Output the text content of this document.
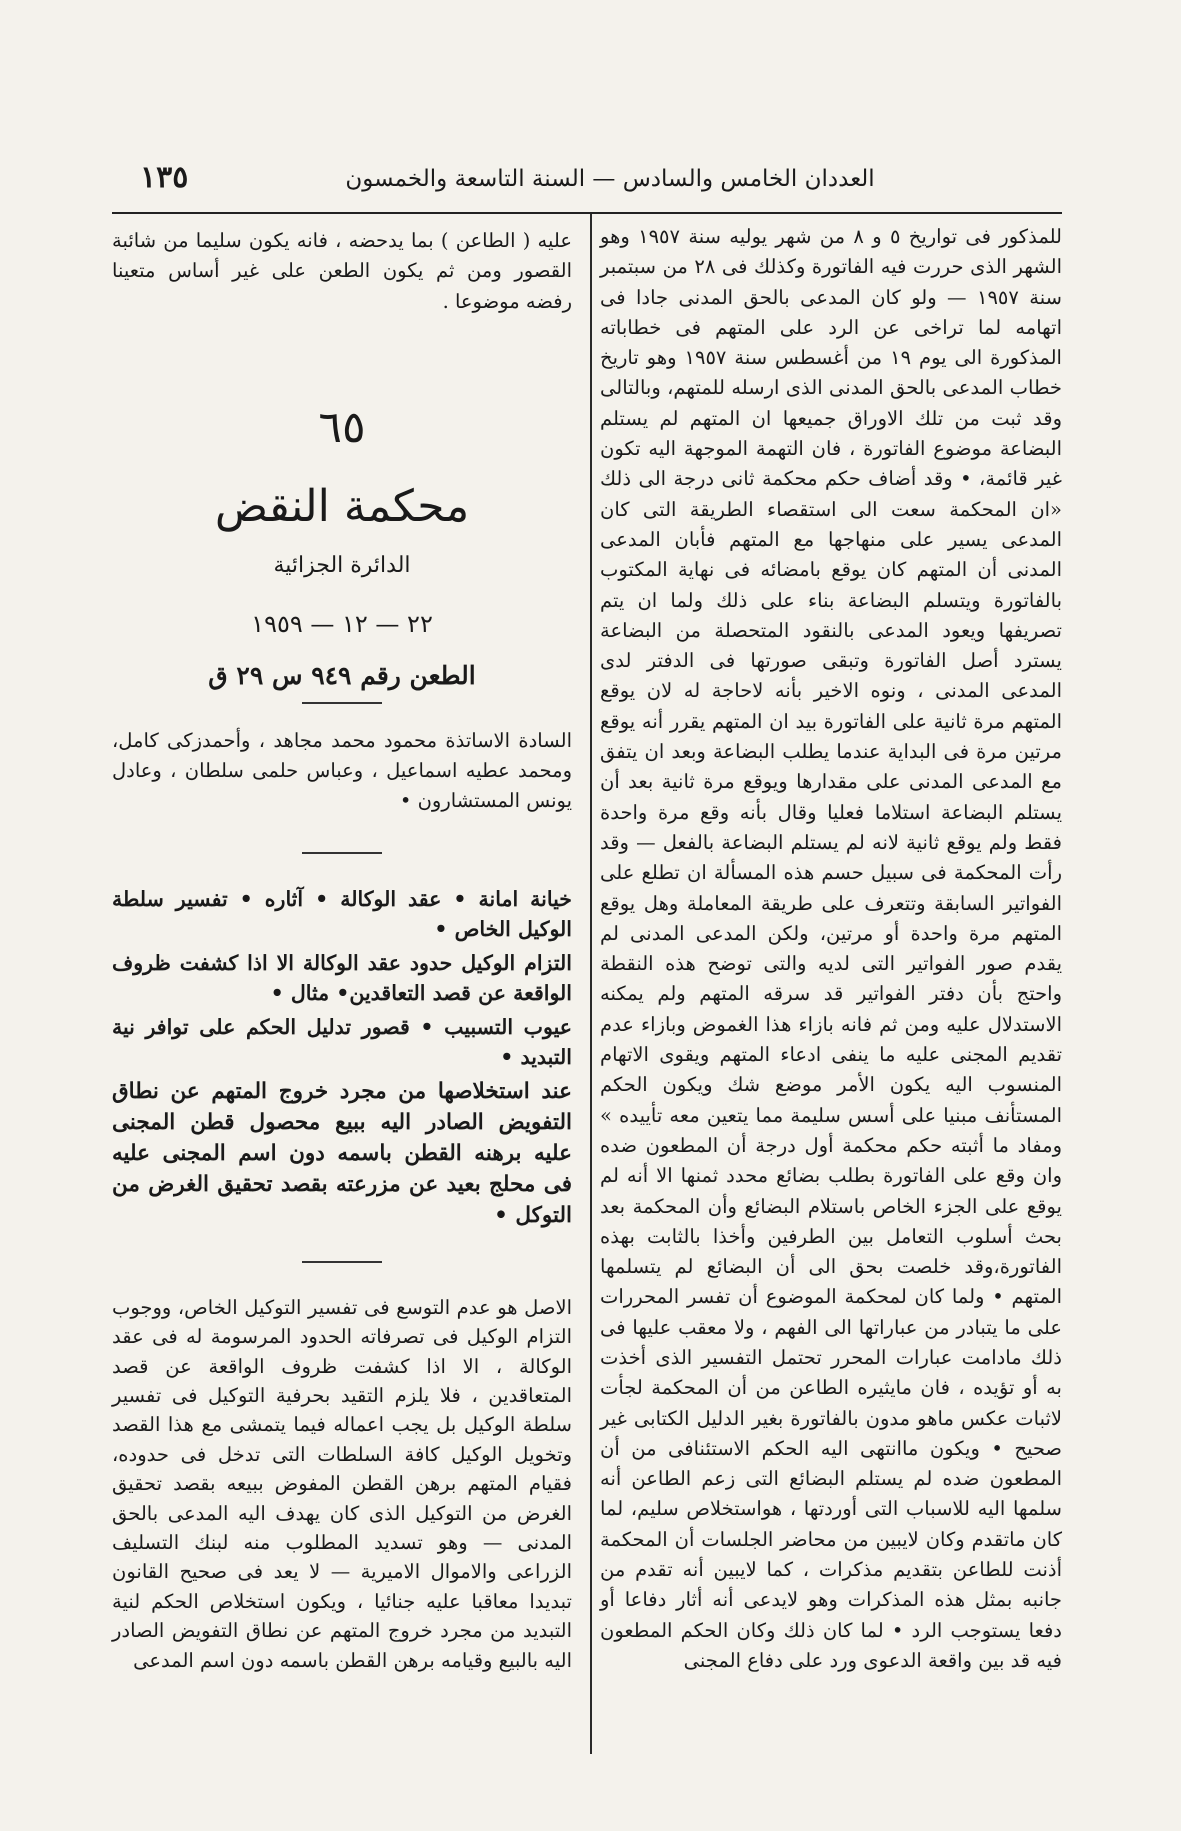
العددان الخامس والسادس — السنة التاسعة والخمسون
١٣٥

للمذكور فى تواريخ ٥ و ٨ من شهر يوليه سنة ١٩٥٧ وهو الشهر الذى حررت فيه الفاتورة وكذلك فى ٢٨ من سبتمبر سنة ١٩٥٧ — ولو كان المدعى بالحق المدنى جادا فى اتهامه لما تراخى عن الرد على المتهم فى خطاباته المذكورة الى يوم ١٩ من أغسطس سنة ١٩٥٧ وهو تاريخ خطاب المدعى بالحق المدنى الذى ارسله للمتهم، وبالتالى وقد ثبت من تلك الاوراق جميعها ان المتهم لم يستلم البضاعة موضوع الفاتورة ، فان التهمة الموجهة اليه تكون غير قائمة، • وقد أضاف حكم محكمة ثانى درجة الى ذلك «ان المحكمة سعت الى استقصاء الطريقة التى كان المدعى يسير على منهاجها مع المتهم فأبان المدعى المدنى أن المتهم كان يوقع بامضائه فى نهاية المكتوب بالفاتورة ويتسلم البضاعة بناء على ذلك ولما ان يتم تصريفها ويعود المدعى بالنقود المتحصلة من البضاعة يسترد أصل الفاتورة وتبقى صورتها فى الدفتر لدى المدعى المدنى ، ونوه الاخير بأنه لاحاجة له لان يوقع المتهم مرة ثانية على الفاتورة بيد ان المتهم يقرر أنه يوقع مرتين مرة فى البداية عندما يطلب البضاعة وبعد ان يتفق مع المدعى المدنى على مقدارها ويوقع مرة ثانية بعد أن يستلم البضاعة استلاما فعليا وقال بأنه وقع مرة واحدة فقط ولم يوقع ثانية لانه لم يستلم البضاعة بالفعل — وقد رأت المحكمة فى سبيل حسم هذه المسألة ان تطلع على الفواتير السابقة وتتعرف على طريقة المعاملة وهل يوقع المتهم مرة واحدة أو مرتين، ولكن المدعى المدنى لم يقدم صور الفواتير التى لديه والتى توضح هذه النقطة واحتج بأن دفتر الفواتير قد سرقه المتهم ولم يمكنه الاستدلال عليه ومن ثم فانه بازاء هذا الغموض وبازاء عدم تقديم المجنى عليه ما ينفى ادعاء المتهم ويقوى الاتهام المنسوب اليه يكون الأمر موضع شك ويكون الحكم المستأنف مبنيا على أسس سليمة مما يتعين معه تأييده » ومفاد ما أثبته حكم محكمة أول درجة أن المطعون ضده وان وقع على الفاتورة بطلب بضائع محدد ثمنها الا أنه لم يوقع على الجزء الخاص باستلام البضائع وأن المحكمة بعد بحث أسلوب التعامل بين الطرفين وأخذا بالثابت بهذه الفاتورة،وقد خلصت بحق الى أن البضائع لم يتسلمها المتهم • ولما كان لمحكمة الموضوع أن تفسر المحررات على ما يتبادر من عباراتها الى الفهم ، ولا معقب عليها فى ذلك مادامت عبارات المحرر تحتمل التفسير الذى أخذت به أو تؤيده ، فان مايثيره الطاعن من أن المحكمة لجأت لاثبات عكس ماهو مدون بالفاتورة بغير الدليل الكتابى غير صحيح • ويكون ماانتهى اليه الحكم الاستئنافى من أن المطعون ضده لم يستلم البضائع التى زعم الطاعن أنه سلمها اليه للاسباب التى أوردتها ، هواستخلاص سليم، لما كان ماتقدم وكان لايبين من محاضر الجلسات أن المحكمة أذنت للطاعن بتقديم مذكرات ، كما لايبين أنه تقدم من جانبه بمثل هذه المذكرات وهو لايدعى أنه أثار دفاعا أو دفعا يستوجب الرد • لما كان ذلك وكان الحكم المطعون فيه قد بين واقعة الدعوى ورد على دفاع المجنى

عليه ( الطاعن ) بما يدحضه ، فانه يكون سليما من شائبة القصور ومن ثم يكون الطعن على غير أساس متعينا رفضه موضوعا .

٦٥
محكمة النقض
الدائرة الجزائية
٢٢ — ١٢ — ١٩٥٩
الطعن رقم ٩٤٩ س ٢٩ ق

السادة الاساتذة محمود محمد مجاهد ، وأحمدزكى كامل، ومحمد عطيه اسماعيل ، وعباس حلمى سلطان ، وعادل يونس المستشارون •

خيانة امانة • عقد الوكالة • آثاره • تفسير سلطة الوكيل الخاص •

التزام الوكيل حدود عقد الوكالة الا اذا كشفت ظروف الواقعة عن قصد التعاقدين• مثال •

عيوب التسبيب • قصور تدليل الحكم على توافر نية التبديد •

عند استخلاصها من مجرد خروج المتهم عن نطاق التفويض الصادر اليه ببيع محصول قطن المجنى عليه برهنه القطن باسمه دون اسم المجنى عليه فى محلج بعيد عن مزرعته بقصد تحقيق الغرض من التوكل •

الاصل هو عدم التوسع فى تفسير التوكيل الخاص، ووجوب التزام الوكيل فى تصرفاته الحدود المرسومة له فى عقد الوكالة ، الا اذا كشفت ظروف الواقعة عن قصد المتعاقدين ، فلا يلزم التقيد بحرفية التوكيل فى تفسير سلطة الوكيل بل يجب اعماله فيما يتمشى مع هذا القصد وتخويل الوكيل كافة السلطات التى تدخل فى حدوده، فقيام المتهم برهن القطن المفوض ببيعه بقصد تحقيق الغرض من التوكيل الذى كان يهدف اليه المدعى بالحق المدنى — وهو تسديد المطلوب منه لبنك التسليف الزراعى والاموال الاميرية — لا يعد فى صحيح القانون تبديدا معاقبا عليه جنائيا ، ويكون استخلاص الحكم لنية التبديد من مجرد خروج المتهم عن نطاق التفويض الصادر اليه بالبيع وقيامه برهن القطن باسمه دون اسم المدعى
